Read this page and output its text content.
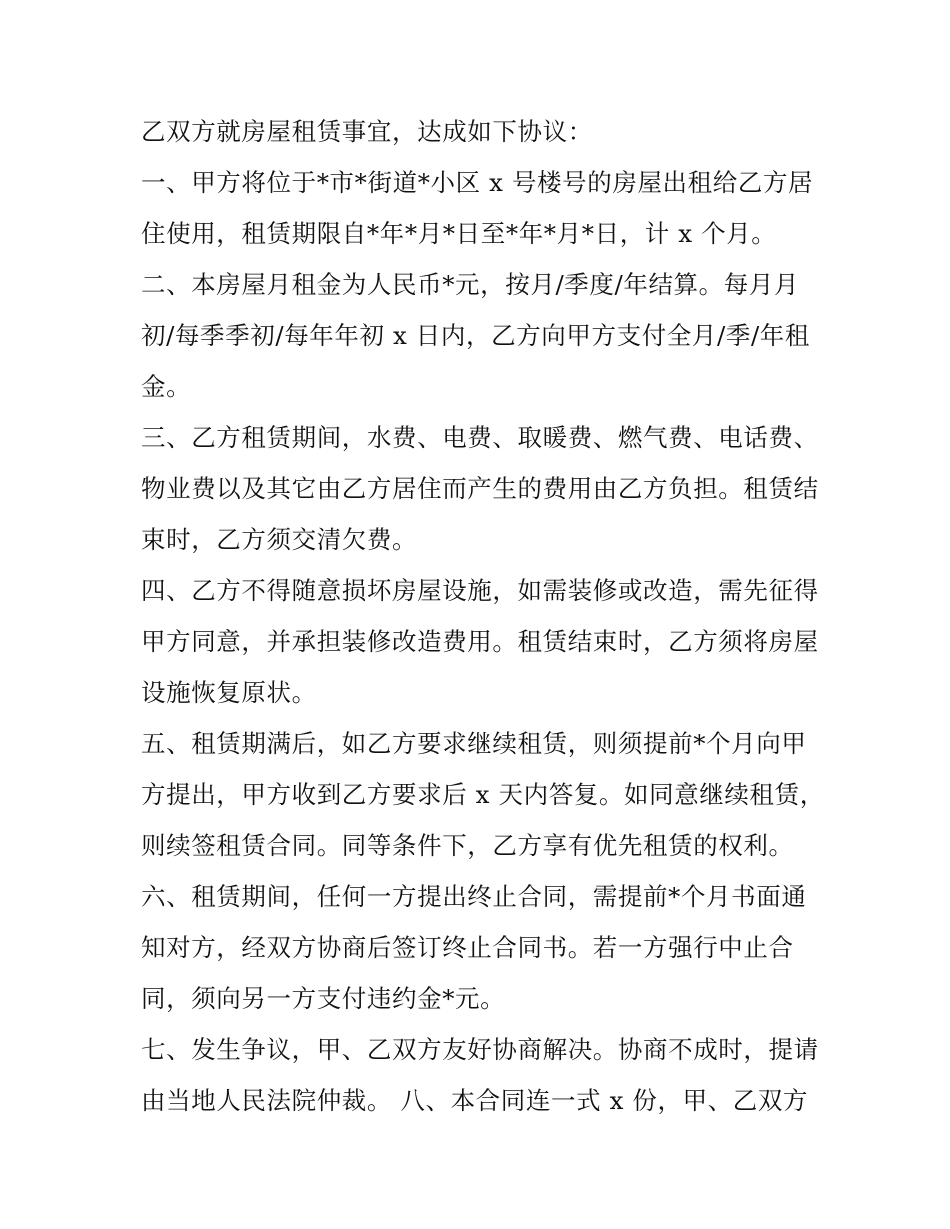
乙双方就房屋租赁事宜，达成如下协议：
一、甲方将位于*市*街道*小区 x 号楼号的房屋出租给乙方居
住使用，租赁期限自*年*月*日至*年*月*日，计 x 个月。
二、本房屋月租金为人民币*元，按月/季度/年结算。每月月
初/每季季初/每年年初 x 日内，乙方向甲方支付全月/季/年租
金。
三、乙方租赁期间，水费、电费、取暖费、燃气费、电话费、
物业费以及其它由乙方居住而产生的费用由乙方负担。租赁结
束时，乙方须交清欠费。
四、乙方不得随意损坏房屋设施，如需装修或改造，需先征得
甲方同意，并承担装修改造费用。租赁结束时，乙方须将房屋
设施恢复原状。
五、租赁期满后，如乙方要求继续租赁，则须提前*个月向甲
方提出，甲方收到乙方要求后 x 天内答复。如同意继续租赁，
则续签租赁合同。同等条件下，乙方享有优先租赁的权利。
六、租赁期间，任何一方提出终止合同，需提前*个月书面通
知对方，经双方协商后签订终止合同书。若一方强行中止合
同，须向另一方支付违约金*元。
七、发生争议，甲、乙双方友好协商解决。协商不成时，提请
由当地人民法院仲裁。 八、本合同连一式 x 份，甲、乙双方
